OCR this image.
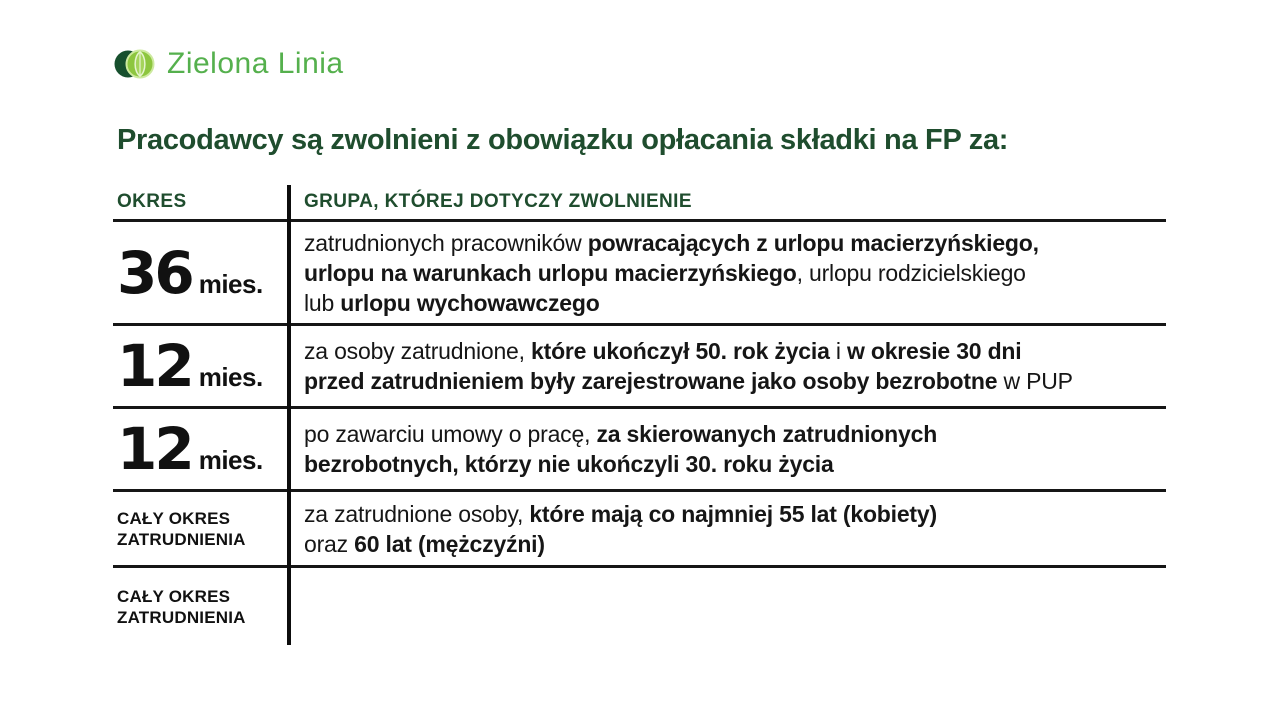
Zielona Linia
Pracodawcy są zwolnieni z obowiązku opłacania składki na FP za:
OKRES	GRUPA, KTÓREJ DOTYCZY ZWOLNIENIE
36 mies.
zatrudnionych pracowników powracających z urlopu macierzyńskiego,
urlopu na warunkach urlopu macierzyńskiego, urlopu rodzicielskiego
lub urlopu wychowawczego
12 mies.
za osoby zatrudnione, które ukończył 50. rok życia i w okresie 30 dni
przed zatrudnieniem były zarejestrowane jako osoby bezrobotne w PUP
12 mies.
po zawarciu umowy o pracę, za skierowanych zatrudnionych
bezrobotnych, którzy nie ukończyli 30. roku życia
CAŁY OKRES
ZATRUDNIENIA
za zatrudnione osoby, które mają co najmniej 55 lat (kobiety)
oraz 60 lat (mężczyźni)
CAŁY OKRES
ZATRUDNIENIA
